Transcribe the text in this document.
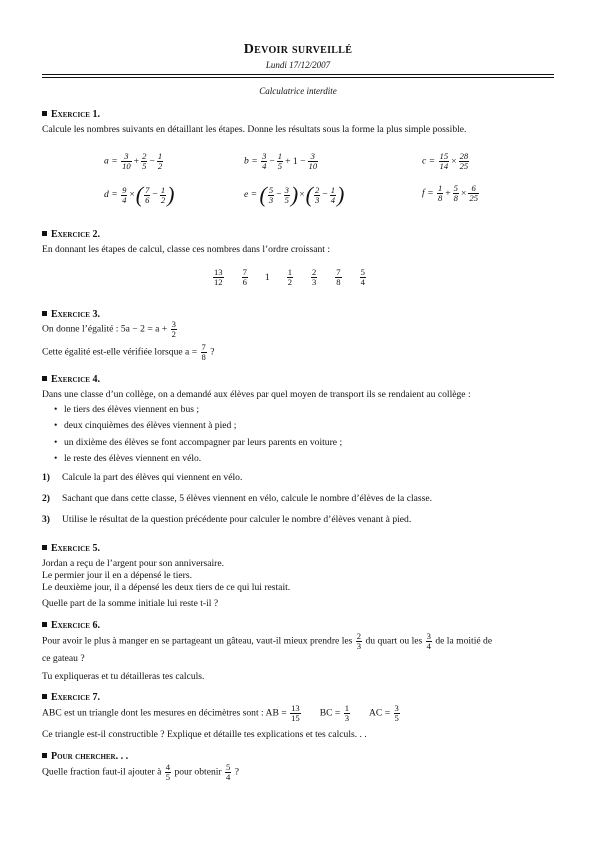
Devoir surveillé
Lundi 17/12/2007
Calculatrice interdite
Exercice 1.
Calcule les nombres suivants en détaillant les étapes. Donne les résultats sous la forme la plus simple possible.
$a = \frac{3}{10} + \frac{2}{5} - \frac{1}{2}$	$b = \frac{3}{4} - \frac{1}{5} + 1 - \frac{3}{10}$	$c = \frac{15}{14} \times \frac{28}{25}$
$d = \frac{9}{4}$ ×( $\frac{7}{6} - \frac{1}{2}$ )	e = ( $\frac{5}{3} - \frac{3}{5}$ )×( $\frac{2}{3} - \frac{1}{4}$ )	$f = \frac{1}{8} + \frac{5}{8} \times \frac{6}{25}$
Exercice 2.
En donnant les étapes de calcul, classe ces nombres dans l’ordre croissant :
$\frac{13}{12} \frac{7}{6} 1 \frac{1}{2} \frac{2}{3} \frac{7}{8} \frac{5}{4}$
Exercice 3.
On donne l’égalité : $5a - 2 = a + \frac{3}{2}$
Cette égalité est-elle vérifiée lorsque $a = \frac{7}{8}$ ?
Exercice 4.
Dans une classe d’un collège, on a demandé aux élèves par quel moyen de transport ils se rendaient au collège :
• le tiers des élèves viennent en bus ;
• deux cinquièmes des élèves viennent à pied ;
• un dixième des élèves se font accompagner par leurs parents en voiture ;
• le reste des élèves viennent en vélo.
1) Calcule la part des élèves qui viennent en vélo.
2) Sachant que dans cette classe, 5 élèves viennent en vélo, calcule le nombre d’élèves de la classe.
3) Utilise le résultat de la question précédente pour calculer le nombre d’élèves venant à pied.
Exercice 5.
Jordan a reçu de l’argent pour son anniversaire.
Le permier jour il en a dépensé le tiers.
Le deuxième jour, il a dépensé les deux tiers de ce qui lui restait.
Quelle part de la somme initiale lui reste t-il ?
Exercice 6.
Pour avoir le plus à manger en se partageant un gâteau, vaut-il mieux prendre les $\frac{2}{3}$ du quart ou les $\frac{3}{4}$ de la moitié de
ce gateau ?
Tu expliqueras et tu détailleras tes calculs.
Exercice 7.
ABC est un triangle dont les mesures en décimètres sont : AB = $\frac{13}{15}$ BC = $\frac{1}{3}$ AC = $\frac{3}{5}$
Ce triangle est-il constructible ? Explique et détaille tes explications et tes calculs. . .
Pour chercher. . .
Quelle fraction faut-il ajouter à $\frac{4}{5}$ pour obtenir $\frac{5}{4}$ ?
